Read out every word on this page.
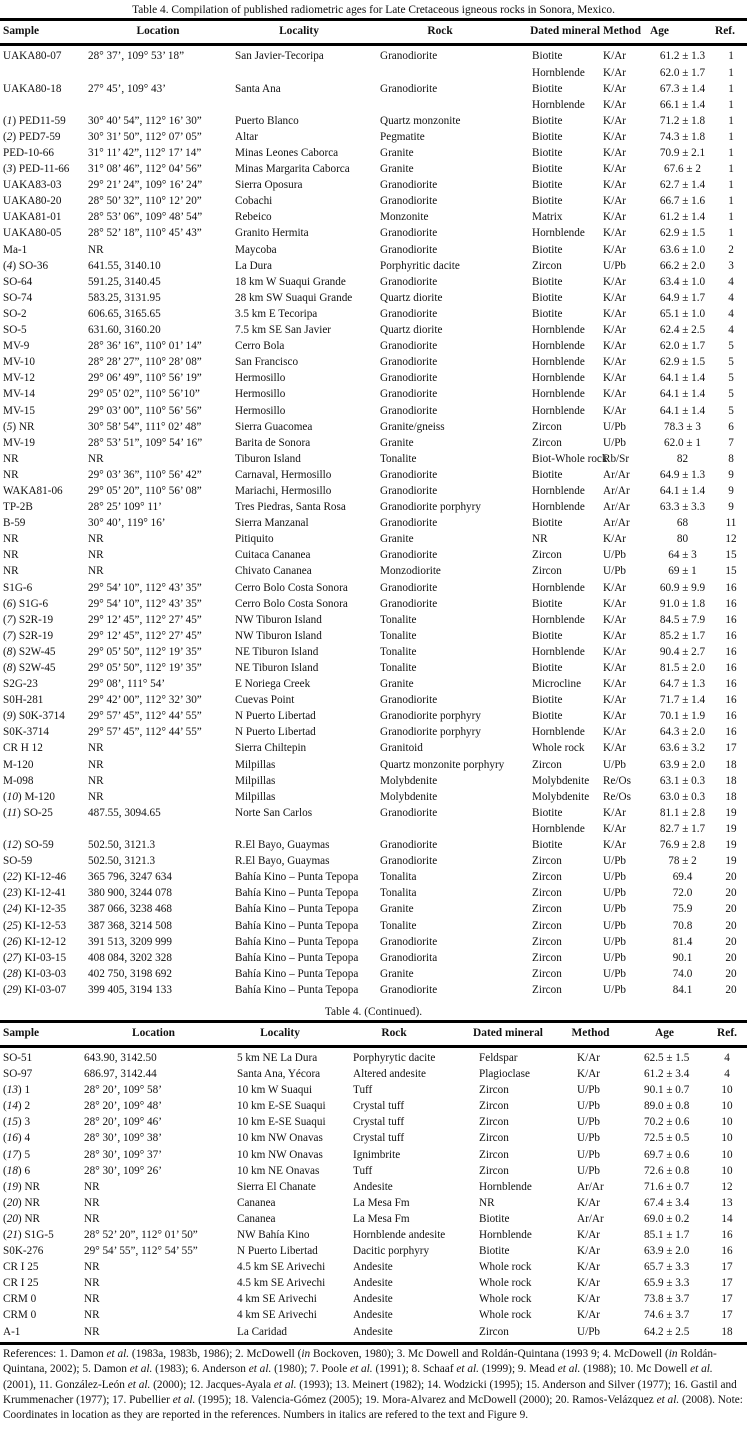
Table 4. Compilation of published radiometric ages for Late Cretaceous igneous rocks in Sonora, Mexico.
Sample	Location	Locality	Rock	Dated mineral	Method	Age	Ref.
UAKA80-07	28° 37’, 109° 53’ 18”	San Javier-Tecoripa	Granodiorite	Biotite	K/Ar	61.2 ± 1.3	1
				Hornblende	K/Ar	62.0 ± 1.7	1
UAKA80-18	27° 45’, 109° 43’	Santa Ana	Granodiorite	Biotite	K/Ar	67.3 ± 1.4	1
				Hornblende	K/Ar	66.1 ± 1.4	1
(1) PED11-59	30° 40’ 54”, 112° 16’ 30”	Puerto Blanco	Quartz monzonite	Biotite	K/Ar	71.2 ± 1.8	1
(2) PED7-59	30° 31’ 50”, 112° 07’ 05”	Altar	Pegmatite	Biotite	K/Ar	74.3 ± 1.8	1
PED-10-66	31° 11’ 42”, 112° 17’ 14”	Minas Leones Caborca	Granite	Biotite	K/Ar	70.9 ± 2.1	1
(3) PED-11-66	31° 08’ 46”, 112° 04’ 56”	Minas Margarita Caborca	Granite	Biotite	K/Ar	67.6 ± 2	1
UAKA83-03	29° 21’ 24”, 109° 16’ 24”	Sierra Oposura	Granodiorite	Biotite	K/Ar	62.7 ± 1.4	1
UAKA80-20	28° 50’ 32”, 110° 12’ 20”	Cobachi	Granodiorite	Biotite	K/Ar	66.7 ± 1.6	1
UAKA81-01	28° 53’ 06”, 109° 48’ 54”	Rebeico	Monzonite	Matrix	K/Ar	61.2 ± 1.4	1
UAKA80-05	28° 52’ 18”, 110° 45’ 43”	Granito Hermita	Granodiorite	Hornblende	K/Ar	62.9 ± 1.5	1
Ma-1	NR	Maycoba	Granodiorite	Biotite	K/Ar	63.6 ± 1.0	2
(4) SO-36	641.55, 3140.10	La Dura	Porphyritic dacite	Zircon	U/Pb	66.2 ± 2.0	3
SO-64	591.25, 3140.45	18 km W Suaqui Grande	Granodiorite	Biotite	K/Ar	63.4 ± 1.0	4
SO-74	583.25, 3131.95	28 km SW Suaqui Grande	Quartz diorite	Biotite	K/Ar	64.9 ± 1.7	4
SO-2	606.65, 3165.65	3.5 km E Tecoripa	Granodiorite	Biotite	K/Ar	65.1 ± 1.0	4
SO-5	631.60, 3160.20	7.5 km SE San Javier	Quartz diorite	Hornblende	K/Ar	62.4 ± 2.5	4
MV-9	28° 36’ 16”, 110° 01’ 14”	Cerro Bola	Granodiorite	Hornblende	K/Ar	62.0 ± 1.7	5
MV-10	28° 28’ 27”, 110° 28’ 08”	San Francisco	Granodiorite	Hornblende	K/Ar	62.9 ± 1.5	5
MV-12	29° 06’ 49”, 110° 56’ 19”	Hermosillo	Granodiorite	Hornblende	K/Ar	64.1 ± 1.4	5
MV-14	29° 05’ 02”, 110° 56’10”	Hermosillo	Granodiorite	Hornblende	K/Ar	64.1 ± 1.4	5
MV-15	29° 03’ 00”, 110° 56’ 56”	Hermosillo	Granodiorite	Hornblende	K/Ar	64.1 ± 1.4	5
(5) NR	30° 58’ 54”, 111° 02’ 48”	Sierra Guacomea	Granite/gneiss	Zircon	U/Pb	78.3 ± 3	6
MV-19	28° 53’ 51”, 109° 54’ 16”	Barita de Sonora	Granite	Zircon	U/Pb	62.0 ± 1	7
NR	NR	Tiburon Island	Tonalite	Biot-Whole rock	Rb/Sr	82	8
NR	29° 03’ 36”, 110° 56’ 42”	Carnaval, Hermosillo	Granodiorite	Biotite	Ar/Ar	64.9 ± 1.3	9
WAKA81-06	29° 05’ 20”, 110° 56’ 08”	Mariachi, Hermosillo	Granodiorite	Hornblende	Ar/Ar	64.1 ± 1.4	9
TP-2B	28° 25’ 109° 11’	Tres Piedras, Santa Rosa	Granodiorite porphyry	Hornblende	Ar/Ar	63.3 ± 3.3	9
B-59	30° 40’, 119° 16’	Sierra Manzanal	Granodiorite	Biotite	Ar/Ar	68	11
NR	NR	Pitiquito	Granite	NR	K/Ar	80	12
NR	NR	Cuitaca Cananea	Granodiorite	Zircon	U/Pb	64 ± 3	15
NR	NR	Chivato Cananea	Monzodiorite	Zircon	U/Pb	69 ± 1	15
S1G-6	29° 54’ 10”, 112° 43’ 35”	Cerro Bolo Costa Sonora	Granodiorite	Hornblende	K/Ar	60.9 ± 9.9	16
(6) S1G-6	29° 54’ 10”, 112° 43’ 35”	Cerro Bolo Costa Sonora	Granodiorite	Biotite	K/Ar	91.0 ± 1.8	16
(7) S2R-19	29° 12’ 45”, 112° 27’ 45”	NW Tiburon Island	Tonalite	Hornblende	K/Ar	84.5 ± 7.9	16
(7) S2R-19	29° 12’ 45”, 112° 27’ 45”	NW Tiburon Island	Tonalite	Biotite	K/Ar	85.2 ± 1.7	16
(8) S2W-45	29° 05’ 50”, 112° 19’ 35”	NE Tiburon Island	Tonalite	Hornblende	K/Ar	90.4 ± 2.7	16
(8) S2W-45	29° 05’ 50”, 112° 19’ 35”	NE Tiburon Island	Tonalite	Biotite	K/Ar	81.5 ± 2.0	16
S2G-23	29° 08’, 111° 54’	E Noriega Creek	Granite	Microcline	K/Ar	64.7 ± 1.3	16
S0H-281	29° 42’ 00”, 112° 32’ 30”	Cuevas Point	Granodiorite	Biotite	K/Ar	71.7 ± 1.4	16
(9) S0K-3714	29° 57’ 45”, 112° 44’ 55”	N Puerto Libertad	Granodiorite porphyry	Biotite	K/Ar	70.1 ± 1.9	16
S0K-3714	29° 57’ 45”, 112° 44’ 55”	N Puerto Libertad	Granodiorite porphyry	Hornblende	K/Ar	64.3 ± 2.0	16
CR H 12	NR	Sierra Chiltepin	Granitoid	Whole rock	K/Ar	63.6 ± 3.2	17
M-120	NR	Milpillas	Quartz monzonite porphyry	Zircon	U/Pb	63.9 ± 2.0	18
M-098	NR	Milpillas	Molybdenite	Molybdenite	Re/Os	63.1 ± 0.3	18
(10) M-120	NR	Milpillas	Molybdenite	Molybdenite	Re/Os	63.0 ± 0.3	18
(11) SO-25	487.55, 3094.65	Norte San Carlos	Granodiorite	Biotite	K/Ar	81.1 ± 2.8	19
				Hornblende	K/Ar	82.7 ± 1.7	19
(12) SO-59	502.50, 3121.3	R.El Bayo, Guaymas	Granodiorite	Biotite	K/Ar	76.9 ± 2.8	19
SO-59	502.50, 3121.3	R.El Bayo, Guaymas	Granodiorite	Zircon	U/Pb	78 ± 2	19
(22) KI-12-46	365 796, 3247 634	Bahía Kino – Punta Tepopa	Tonalita	Zircon	U/Pb	69.4	20
(23) KI-12-41	380 900, 3244 078	Bahía Kino – Punta Tepopa	Tonalita	Zircon	U/Pb	72.0	20
(24) KI-12-35	387 066, 3238 468	Bahía Kino – Punta Tepopa	Granite	Zircon	U/Pb	75.9	20
(25) KI-12-53	387 368, 3214 508	Bahía Kino – Punta Tepopa	Tonalite	Zircon	U/Pb	70.8	20
(26) KI-12-12	391 513, 3209 999	Bahía Kino – Punta Tepopa	Granodiorite	Zircon	U/Pb	81.4	20
(27) KI-03-15	408 084, 3202 328	Bahía Kino – Punta Tepopa	Granodiorita	Zircon	U/Pb	90.1	20
(28) KI-03-03	402 750, 3198 692	Bahía Kino – Punta Tepopa	Granite	Zircon	U/Pb	74.0	20
(29) KI-03-07	399 405, 3194 133	Bahía Kino – Punta Tepopa	Granodiorite	Zircon	U/Pb	84.1	20
Table 4. (Continued).
Sample	Location	Locality	Rock	Dated mineral	Method	Age	Ref.
SO-51	643.90, 3142.50	5 km NE La Dura	Porphyrytic dacite	Feldspar	K/Ar	62.5 ± 1.5	4
SO-97	686.97, 3142.44	Santa Ana, Yécora	Altered andesite	Plagioclase	K/Ar	61.2 ± 3.4	4
(13) 1	28° 20’, 109° 58’	10 km W Suaqui	Tuff	Zircon	U/Pb	90.1 ± 0.7	10
(14) 2	28° 20’, 109° 48’	10 km E-SE Suaqui	Crystal tuff	Zircon	U/Pb	89.0 ± 0.8	10
(15) 3	28° 20’, 109° 46’	10 km E-SE Suaqui	Crystal tuff	Zircon	U/Pb	70.2 ± 0.6	10
(16) 4	28° 30’, 109° 38’	10 km NW Onavas	Crystal tuff	Zircon	U/Pb	72.5 ± 0.5	10
(17) 5	28° 30’, 109° 37’	10 km NW Onavas	Ignimbrite	Zircon	U/Pb	69.7 ± 0.6	10
(18) 6	28° 30’, 109° 26’	10 km NE Onavas	Tuff	Zircon	U/Pb	72.6 ± 0.8	10
(19) NR	NR	Sierra El Chanate	Andesite	Hornblende	Ar/Ar	71.6 ± 0.7	12
(20) NR	NR	Cananea	La Mesa Fm	NR	K/Ar	67.4 ± 3.4	13
(20) NR	NR	Cananea	La Mesa Fm	Biotite	Ar/Ar	69.0 ± 0.2	14
(21) S1G-5	28° 52’ 20”, 112° 01’ 50”	NW Bahía Kino	Hornblende andesite	Hornblende	K/Ar	85.1 ± 1.7	16
S0K-276	29° 54’ 55”, 112° 54’ 55”	N Puerto Libertad	Dacitic porphyry	Biotite	K/Ar	63.9 ± 2.0	16
CR I 25	NR	4.5 km SE Arivechi	Andesite	Whole rock	K/Ar	65.7 ± 3.3	17
CR I 25	NR	4.5 km SE Arivechi	Andesite	Whole rock	K/Ar	65.9 ± 3.3	17
CRM 0	NR	4 km SE Arivechi	Andesite	Whole rock	K/Ar	73.8 ± 3.7	17
CRM 0	NR	4 km SE Arivechi	Andesite	Whole rock	K/Ar	74.6 ± 3.7	17
A-1	NR	La Caridad	Andesite	Zircon	U/Pb	64.2 ± 2.5	18
References: 1. Damon et al. (1983a, 1983b, 1986); 2. McDowell (in Bockoven, 1980); 3. Mc Dowell and Roldán-Quintana (1993 9; 4. McDowell (in Roldán-Quintana, 2002); 5. Damon et al. (1983); 6. Anderson et al. (1980); 7. Poole et al. (1991); 8. Schaaf et al. (1999); 9. Mead et al. (1988); 10. Mc Dowell et al. (2001), 11. González-León et al. (2000); 12. Jacques-Ayala et al. (1993); 13. Meinert (1982); 14. Wodzicki (1995); 15. Anderson and Silver (1977); 16. Gastil and Krummenacher (1977); 17. Pubellier et al. (1995); 18. Valencia-Gómez (2005); 19. Mora-Alvarez and McDowell (2000); 20. Ramos-Velázquez et al. (2008). Note: Coordinates in location as they are reported in the references. Numbers in italics are refered to the text and Figure 9.
